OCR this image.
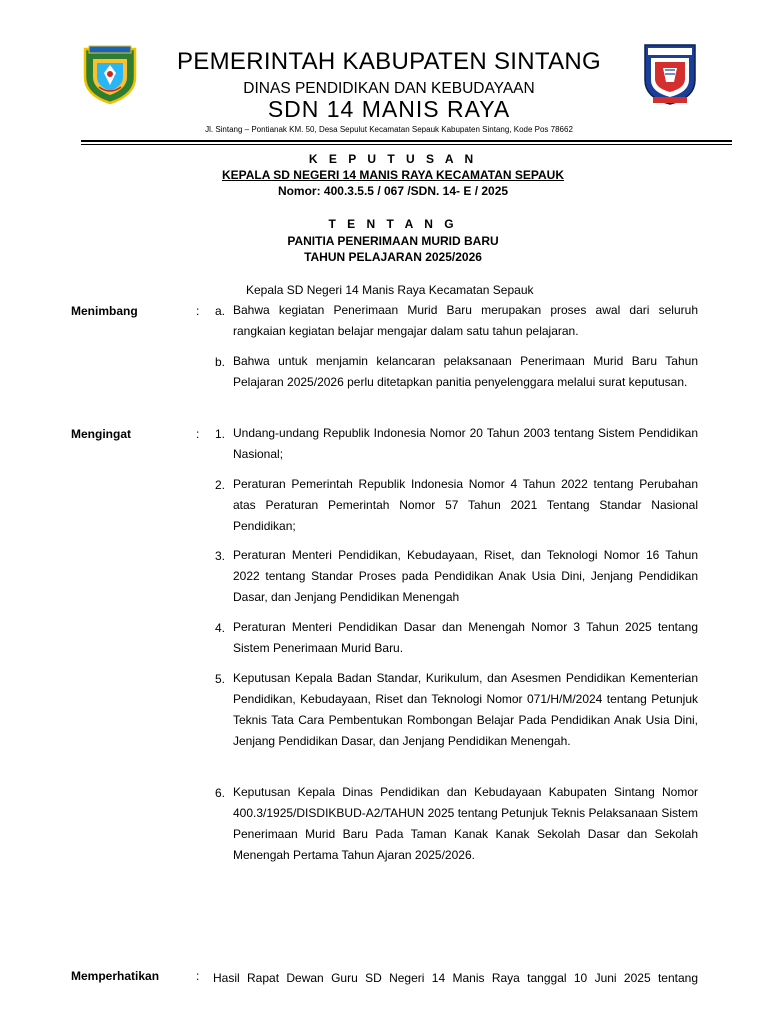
PEMERINTAH KABUPATEN SINTANG
DINAS PENDIDIKAN DAN KEBUDAYAAN
SDN 14 MANIS RAYA
Jl. Sintang – Pontianak KM. 50, Desa Sepulut Kecamatan Sepauk Kabupaten Sintang, Kode Pos 78662
K E P U T U S A N
KEPALA SD NEGERI 14 MANIS RAYA KECAMATAN SEPAUK
Nomor: 400.3.5.5 / 067 /SDN. 14- E / 2025
T E N T A N G
PANITIA PENERIMAAN MURID BARU
TAHUN PELAJARAN 2025/2026
Kepala SD Negeri 14 Manis Raya Kecamatan Sepauk
Menimbang	:	a. Bahwa kegiatan Penerimaan Murid Baru merupakan proses awal dari seluruh rangkaian kegiatan belajar mengajar dalam satu tahun pelajaran.
b. Bahwa untuk menjamin kelancaran pelaksanaan Penerimaan Murid Baru Tahun Pelajaran 2025/2026 perlu ditetapkan panitia penyelenggara melalui surat keputusan.
Mengingat	:	1. Undang-undang Republik Indonesia Nomor 20 Tahun 2003 tentang Sistem Pendidikan Nasional;
2. Peraturan Pemerintah Republik Indonesia Nomor 4 Tahun 2022 tentang Perubahan atas Peraturan Pemerintah Nomor 57 Tahun 2021 Tentang Standar Nasional Pendidikan;
3. Peraturan Menteri Pendidikan, Kebudayaan, Riset, dan Teknologi Nomor 16 Tahun 2022 tentang Standar Proses pada Pendidikan Anak Usia Dini, Jenjang Pendidikan Dasar, dan Jenjang Pendidikan Menengah
4. Peraturan Menteri Pendidikan Dasar dan Menengah Nomor 3 Tahun 2025 tentang Sistem Penerimaan Murid Baru.
5. Keputusan Kepala Badan Standar, Kurikulum, dan Asesmen Pendidikan Kementerian Pendidikan, Kebudayaan, Riset dan Teknologi Nomor 071/H/M/2024 tentang Petunjuk Teknis Tata Cara Pembentukan Rombongan Belajar Pada Pendidikan Anak Usia Dini, Jenjang Pendidikan Dasar, dan Jenjang Pendidikan Menengah.
6. Keputusan Kepala Dinas Pendidikan dan Kebudayaan Kabupaten Sintang Nomor 400.3/1925/DISDIKBUD-A2/TAHUN 2025 tentang Petunjuk Teknis Pelaksanaan Sistem Penerimaan Murid Baru Pada Taman Kanak Kanak Sekolah Dasar dan Sekolah Menengah Pertama Tahun Ajaran 2025/2026.
Memperhatikan	: Hasil Rapat Dewan Guru SD Negeri 14 Manis Raya tanggal 10 Juni 2025 tentang
